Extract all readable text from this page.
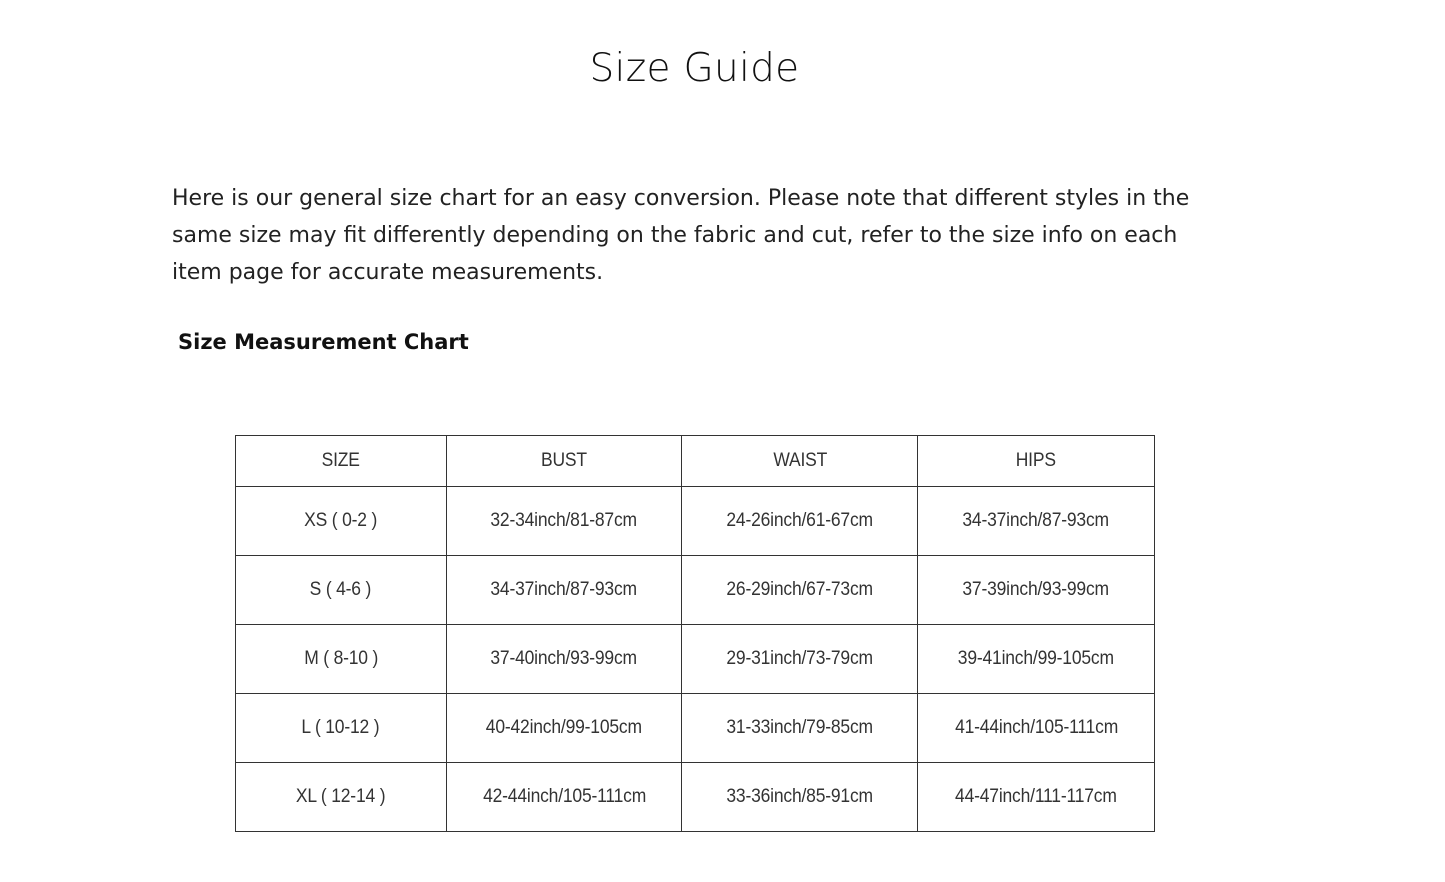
Size Guide

Here is our general size chart for an easy conversion. Please note that different styles in the same size may fit differently depending on the fabric and cut, refer to the size info on each item page for accurate measurements.

Size Measurement Chart
SIZE	BUST	WAIST	HIPS
XS ( 0-2 )	32-34inch/81-87cm	24-26inch/61-67cm	34-37inch/87-93cm
S ( 4-6 )	34-37inch/87-93cm	26-29inch/67-73cm	37-39inch/93-99cm
M ( 8-10 )	37-40inch/93-99cm	29-31inch/73-79cm	39-41inch/99-105cm
L ( 10-12 )	40-42inch/99-105cm	31-33inch/79-85cm	41-44inch/105-111cm
XL ( 12-14 )	42-44inch/105-111cm	33-36inch/85-91cm	44-47inch/111-117cm
